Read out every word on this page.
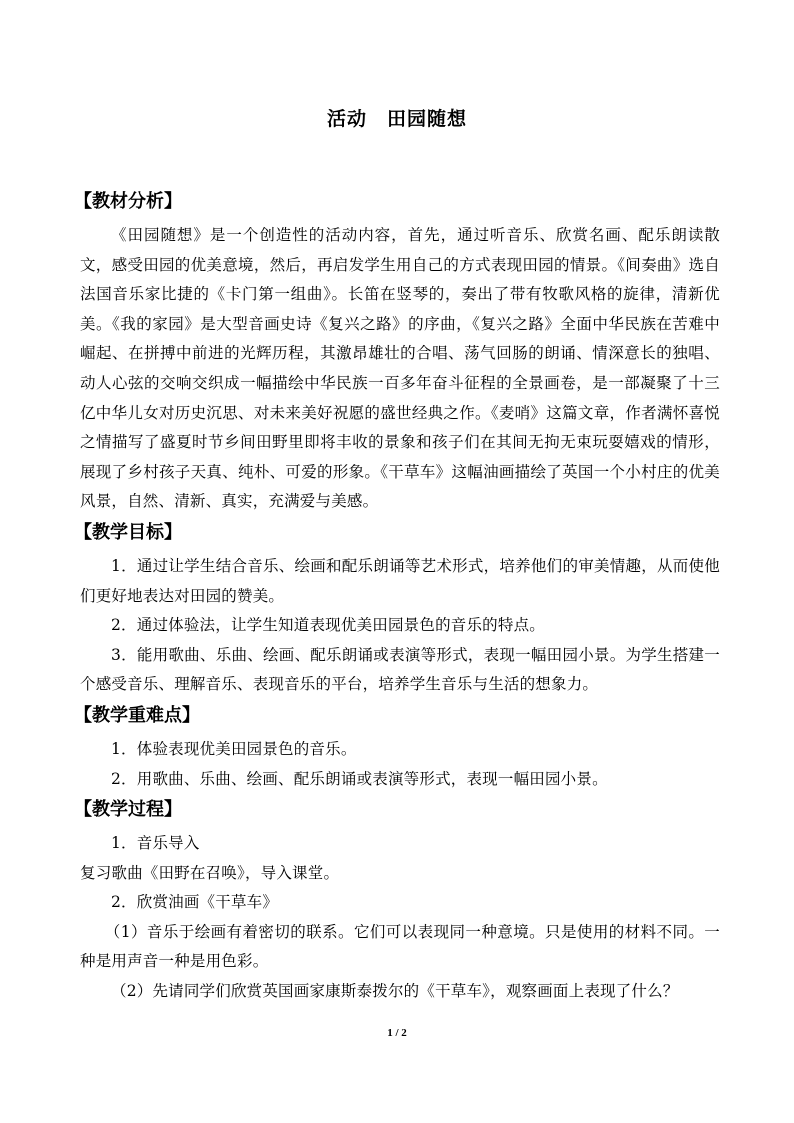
活动　田园随想
【教材分析】

《田园随想》是一个创造性的活动内容，首先，通过听音乐、欣赏名画、配乐朗读散文，感受田园的优美意境，然后，再启发学生用自己的方式表现田园的情景。《间奏曲》选自法国音乐家比捷的《卡门第一组曲》。长笛在竖琴的，奏出了带有牧歌风格的旋律，清新优美。《我的家园》是大型音画史诗《复兴之路》的序曲，《复兴之路》全面中华民族在苦难中崛起、在拼搏中前进的光辉历程，其激昂雄壮的合唱、荡气回肠的朗诵、情深意长的独唱、动人心弦的交响交织成一幅描绘中华民族一百多年奋斗征程的全景画卷，是一部凝聚了十三亿中华儿女对历史沉思、对未来美好祝愿的盛世经典之作。《麦哨》这篇文章，作者满怀喜悦之情描写了盛夏时节乡间田野里即将丰收的景象和孩子们在其间无拘无束玩耍嬉戏的情形，展现了乡村孩子天真、纯朴、可爱的形象。《干草车》这幅油画描绘了英国一个小村庄的优美风景，自然、清新、真实，充满爱与美感。

【教学目标】

1．通过让学生结合音乐、绘画和配乐朗诵等艺术形式，培养他们的审美情趣，从而使他们更好地表达对田园的赞美。

2．通过体验法，让学生知道表现优美田园景色的音乐的特点。

3．能用歌曲、乐曲、绘画、配乐朗诵或表演等形式，表现一幅田园小景。为学生搭建一个感受音乐、理解音乐、表现音乐的平台，培养学生音乐与生活的想象力。

【教学重难点】

1．体验表现优美田园景色的音乐。

2．用歌曲、乐曲、绘画、配乐朗诵或表演等形式，表现一幅田园小景。

【教学过程】

1．音乐导入

复习歌曲《田野在召唤》，导入课堂。

2．欣赏油画《干草车》

（1）音乐于绘画有着密切的联系。它们可以表现同一种意境。只是使用的材料不同。一种是用声音一种是用色彩。

（2）先请同学们欣赏英国画家康斯泰拨尔的《干草车》，观察画面上表现了什么？

1 / 2
